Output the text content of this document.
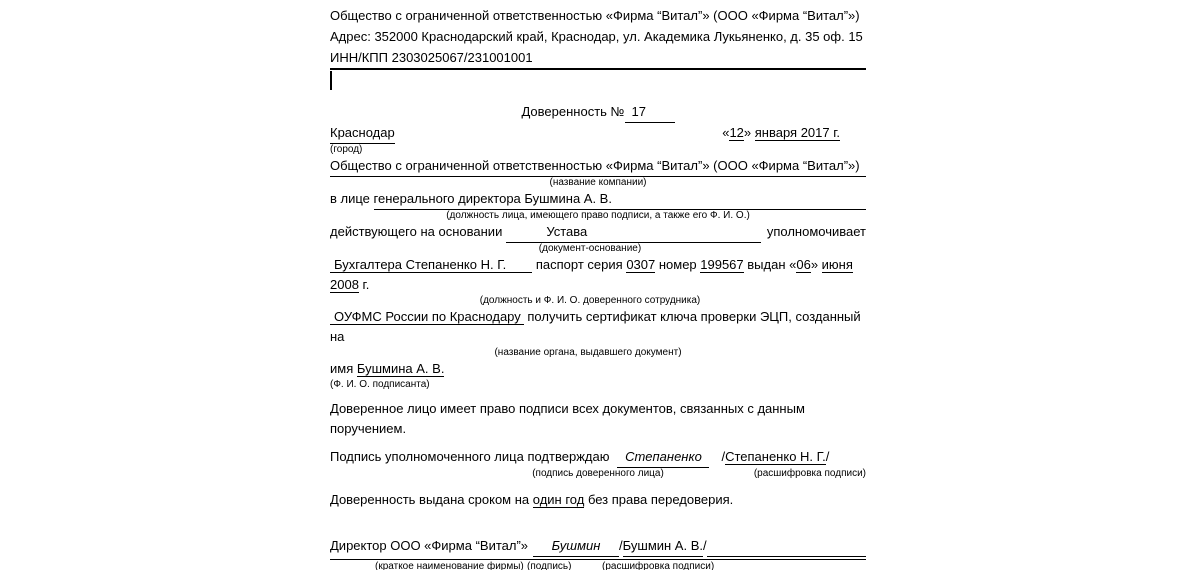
Общество с ограниченной ответственностью «Фирма “Витал”» (ООО «Фирма “Витал”»)
Адрес: 352000 Краснодарский край, Краснодар, ул. Академика Лукьяненко, д. 35 оф. 15
ИНН/КПП 2303025067/231001001
Доверенность № 17
Краснодар	«12» января 2017 г.
(город)
Общество с ограниченной ответственностью «Фирма “Витал”» (ООО «Фирма “Витал”»)
(название компании)
в лице генерального директора Бушмина А. В.
(должность лица, имеющего право подписи, а также его Ф. И. О.)
действующего на основании	Устава	уполномочивает
(документ-основание)
Бухгалтера Степаненко Н. Г. паспорт серия 0307 номер 199567 выдан «06» июня
2008 г.
(должность и Ф. И. О. доверенного сотрудника)
ОУФМС России по Краснодару получить сертификат ключа проверки ЭЦП, созданный на
(название органа, выдавшего документ)
имя Бушмина А. В.
(Ф. И. О. подписанта)
Доверенное лицо имеет право подписи всех документов, связанных с данным
поручением.
Подпись уполномоченного лица подтверждаю Степаненко /Степаненко Н. Г./
(подпись доверенного лица)	(расшифровка подписи)
Доверенность выдана сроком на один год без права передоверия.
Директор ООО «Фирма “Витал”»	Бушмин	/ Бушмин А. В. /
(краткое наименование фирмы) (подпись)	(расшифровка подписи)
